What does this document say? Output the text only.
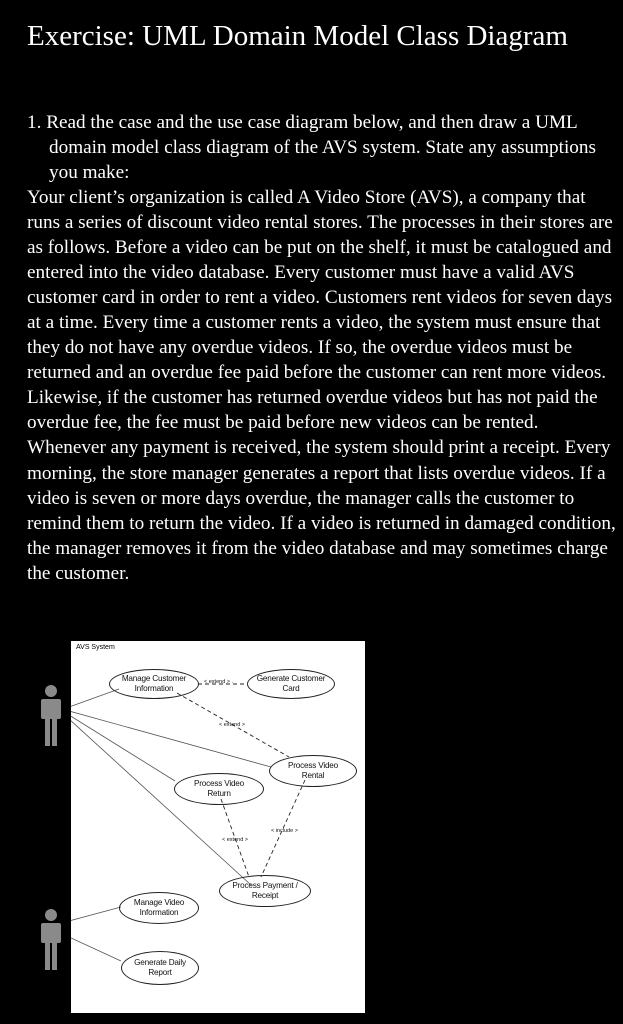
Exercise: UML Domain Model Class Diagram

1. Read the case and the use case diagram below, and then draw a UML domain model class diagram of the AVS system. State any assumptions you make:

Your client’s organization is called A Video Store (AVS), a company that runs a series of discount video rental stores. The processes in their stores are as follows. Before a video can be put on the shelf, it must be catalogued and entered into the video database. Every customer must have a valid AVS customer card in order to rent a video. Customers rent videos for seven days at a time. Every time a customer rents a video, the system must ensure that they do not have any overdue videos. If so, the overdue videos must be returned and an overdue fee paid before the customer can rent more videos. Likewise, if the customer has returned overdue videos but has not paid the overdue fee, the fee must be paid before new videos can be rented. Whenever any payment is received, the system should print a receipt. Every morning, the store manager generates a report that lists overdue videos. If a video is seven or more days overdue, the manager calls the customer to remind them to return the video. If a video is returned in damaged condition, the manager removes it from the video database and may sometimes charge the customer.

AVS System
Manage Customer Information
Generate Customer Card
Process Video Rental
Process Video Return
Process Payment / Receipt
Manage Video Information
Generate Daily Report
< extend > .
< extend >
< include >
< extend >
